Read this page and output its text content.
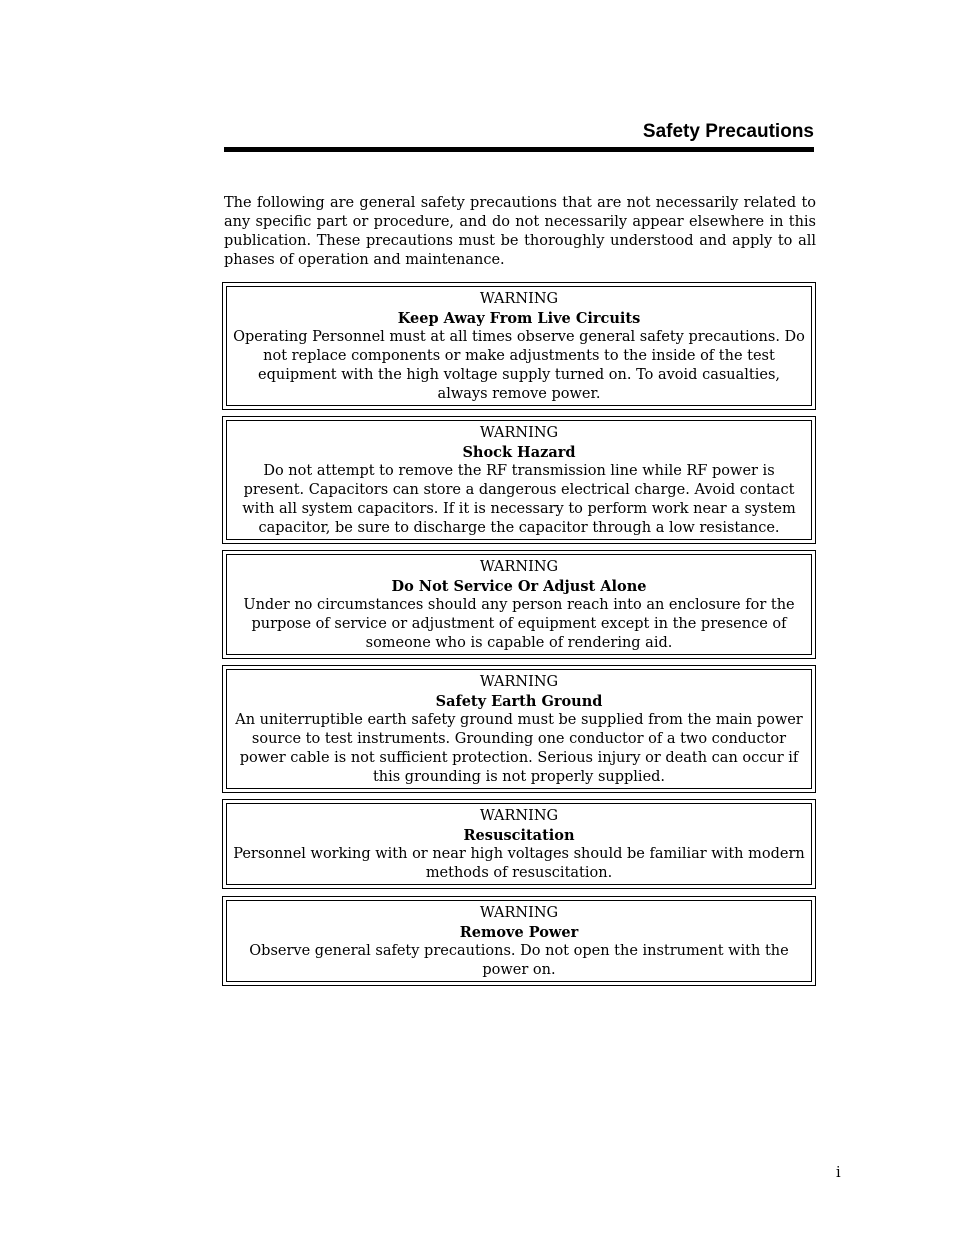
Safety Precautions

The following are general safety precautions that are not necessarily related to any specific part or procedure, and do not necessarily appear elsewhere in this publication. These precautions must be thoroughly understood and apply to all phases of operation and maintenance.

WARNING
Keep Away From Live Circuits
Operating Personnel must at all times observe general safety precautions. Do not replace components or make adjustments to the inside of the test equipment with the high voltage supply turned on. To avoid casualties, always remove power.
WARNING
Shock Hazard
Do not attempt to remove the RF transmission line while RF power is present. Capacitors can store a dangerous electrical charge. Avoid contact with all system capacitors. If it is necessary to perform work near a system capacitor, be sure to discharge the capacitor through a low resistance.
WARNING
Do Not Service Or Adjust Alone
Under no circumstances should any person reach into an enclosure for the purpose of service or adjustment of equipment except in the presence of someone who is capable of rendering aid.
WARNING
Safety Earth Ground
An uniterruptible earth safety ground must be supplied from the main power source to test instruments. Grounding one conductor of a two conductor power cable is not sufficient protection. Serious injury or death can occur if this grounding is not properly supplied.
WARNING
Resuscitation
Personnel working with or near high voltages should be familiar with modern methods of resuscitation.
WARNING
Remove Power
Observe general safety precautions. Do not open the instrument with the power on.
i
